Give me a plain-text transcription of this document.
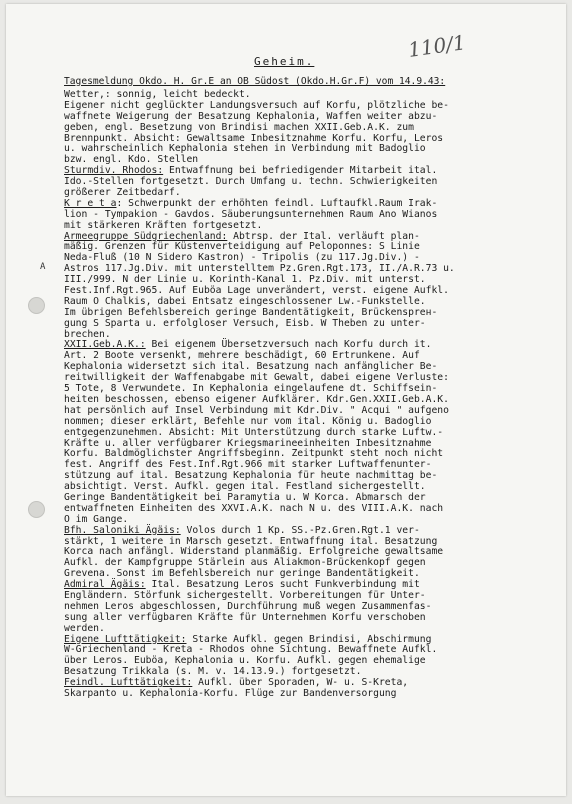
110/1
Geheim.
Tagesmeldung Okdo. H. Gr.E an OB Südost (Okdo.H.Gr.F) vom 14.9.43:
A
Wetter,: sonnig, leicht bedeckt.
Eigener nicht geglückter Landungsversuch auf Korfu, plötzliche be-
waffnete Weigerung der Besatzung Kephalonia, Waffen weiter abzu-
geben, engl. Besetzung von Brindisi machen XXII.Geb.A.K. zum
Brennpunkt. Absicht: Gewaltsame Inbesitznahme Korfu. Korfu, Leros
u. wahrscheinlich Kephalonia stehen in Verbindung mit Badoglio
bzw. engl. Kdo. Stellen
Sturmdiv. Rhodos: Entwaffnung bei befriedigender Mitarbeit ital.
Ido.-Stellen fortgesetzt. Durch Umfang u. techn. Schwierigkeiten
größerer Zeitbedarf.
K r e t a: Schwerpunkt der erhöhten feindl. Luftaufkl.Raum Irak-
lion - Tympakion - Gavdos. Säuberungsunternehmen Raum Ano Wianos
mit stärkeren Kräften fortgesetzt.
Armeegruppe Südgriechenland: Abtrsp. der Ital. verläuft plan-
mäßig. Grenzen für Küstenverteidigung auf Peloponnes: S Linie
Neda-Fluß (10 N Sidero Kastron) - Tripolis (zu 117.Jg.Div.) -
Astros 117.Jg.Div. mit unterstelltem Pz.Gren.Rgt.173, II./A.R.73 u.
III./999. N der Linie u. Korinth-Kanal 1. Pz.Div. mit unterst.
Fest.Inf.Rgt.965. Auf Euböa Lage unverändert, verst. eigene Aufkl.
Raum O Chalkis, dabei Entsatz eingeschlossener Lw.-Funkstelle.
Im übrigen Befehlsbereich geringe Bandentätigkeit, Brückensprен-
gung S Sparta u. erfolgloser Versuch, Eisb. W Theben zu unter-
brechen.
XXII.Geb.A.K.: Bei eigenem Übersetzversuch nach Korfu durch it.
Art. 2 Boote versenkt, mehrere beschädigt, 60 Ertrunkene. Auf
Kephalonia widersetzt sich ital. Besatzung nach anfänglicher Be-
reitwilligkeit der Waffenabgabe mit Gewalt, dabei eigene Verluste:
5 Tote, 8 Verwundete. In Kephalonia eingelaufene dt. Schiffsein-
heiten beschossen, ebenso eigener Aufklärer. Kdr.Gen.XXII.Geb.A.K.
hat persönlich auf Insel Verbindung mit Kdr.Div. " Acqui " aufgeno
nommen; dieser erklärt, Befehle nur vom ital. König u. Badoglio
entgegenzunehmen. Absicht: Mit Unterstützung durch starke Luftw.-
Kräfte u. aller verfügbarer Kriegsmarineeinheiten Inbesitznahme
Korfu. Baldmöglichster Angriffsbeginn. Zeitpunkt steht noch nicht
fest. Angriff des Fest.Inf.Rgt.966 mit starker Luftwaffenunter-
stützung auf ital. Besatzung Kephalonia für heute nachmittag be-
absichtigt. Verst. Aufkl. gegen ital. Festland sichergestellt.
Geringe Bandentätigkeit bei Paramytia u. W Korca. Abmarsch der
entwaffneten Einheiten des XXVI.A.K. nach N u. des VIII.A.K. nach
O im Gange.
Bfh. Saloniki Ägäis: Volos durch 1 Kp. SS.-Pz.Gren.Rgt.1 ver-
stärkt, 1 weitere in Marsch gesetzt. Entwaffnung ital. Besatzung
Korca nach anfängl. Widerstand planmäßig. Erfolgreiche gewaltsame
Aufkl. der Kampfgruppe Stärlein aus Aliakmon-Brückenkopf gegen
Grevena. Sonst im Befehlsbereich nur geringe Bandentätigkeit.
Admiral Ägäis: Ital. Besatzung Leros sucht Funkverbindung mit
Engländern. Störfunk sichergestellt. Vorbereitungen für Unter-
nehmen Leros abgeschlossen, Durchführung muß wegen Zusammenfas-
sung aller verfügbaren Kräfte für Unternehmen Korfu verschoben
werden.
Eigene Lufttätigkeit: Starke Aufkl. gegen Brindisi, Abschirmung
W-Griechenland - Kreta - Rhodos ohne Sichtung. Bewaffnete Aufkl.
über Leros. Euböa, Kephalonia u. Korfu. Aufkl. gegen ehemalige
Besatzung Trikkala (s. M. v. 14.13.9.) fortgesetzt.
Feindl. Lufttätigkeit: Aufkl. über Sporaden, W- u. S-Kreta,
Skarpanto u. Kephalonia-Korfu. Flüge zur Bandenversorgung
